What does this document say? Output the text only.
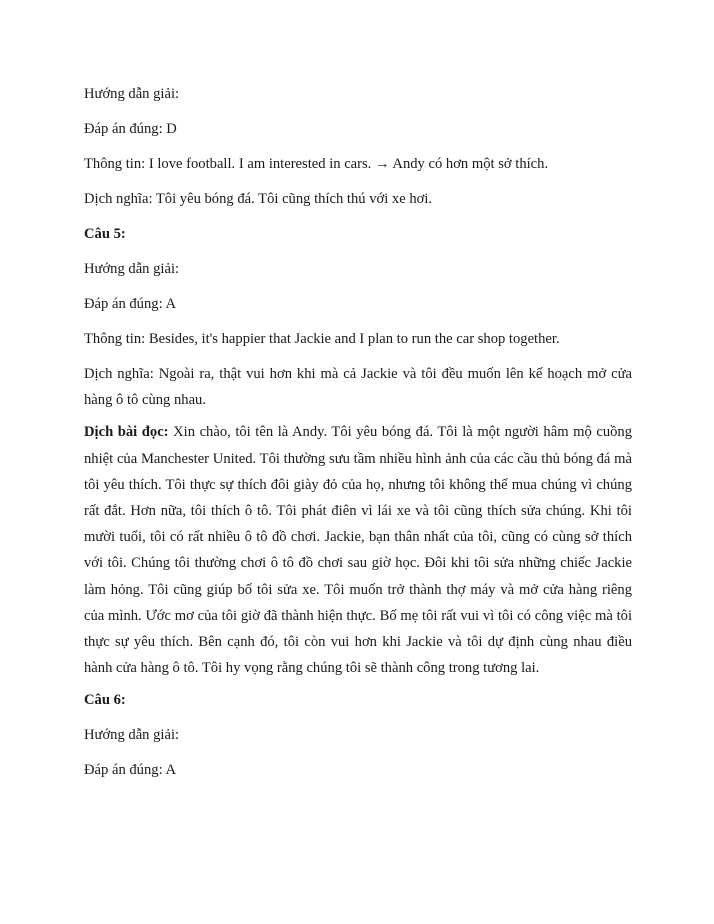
Hướng dẫn giải:

Đáp án đúng: D

Thông tin: I love football. I am interested in cars. → Andy có hơn một sở thích.

Dịch nghĩa: Tôi yêu bóng đá. Tôi cũng thích thú với xe hơi.

Câu 5:

Hướng dẫn giải:

Đáp án đúng: A

Thông tin: Besides, it's happier that Jackie and I plan to run the car shop together.

Dịch nghĩa: Ngoài ra, thật vui hơn khi mà cả Jackie và tôi đều muốn lên kế hoạch mở cửa hàng ô tô cùng nhau.

Dịch bài đọc: Xin chào, tôi tên là Andy. Tôi yêu bóng đá. Tôi là một người hâm mộ cuồng nhiệt của Manchester United. Tôi thường sưu tầm nhiều hình ảnh của các cầu thủ bóng đá mà tôi yêu thích. Tôi thực sự thích đôi giày đỏ của họ, nhưng tôi không thể mua chúng vì chúng rất đắt. Hơn nữa, tôi thích ô tô. Tôi phát điên vì lái xe và tôi cũng thích sửa chúng. Khi tôi mười tuổi, tôi có rất nhiều ô tô đồ chơi. Jackie, bạn thân nhất của tôi, cũng có cùng sở thích với tôi. Chúng tôi thường chơi ô tô đồ chơi sau giờ học. Đôi khi tôi sửa những chiếc Jackie làm hỏng. Tôi cũng giúp bố tôi sửa xe. Tôi muốn trở thành thợ máy và mở cửa hàng riêng của mình. Ước mơ của tôi giờ đã thành hiện thực. Bố mẹ tôi rất vui vì tôi có công việc mà tôi thực sự yêu thích. Bên cạnh đó, tôi còn vui hơn khi Jackie và tôi dự định cùng nhau điều hành cửa hàng ô tô. Tôi hy vọng rằng chúng tôi sẽ thành công trong tương lai.

Câu 6:

Hướng dẫn giải:

Đáp án đúng: A
